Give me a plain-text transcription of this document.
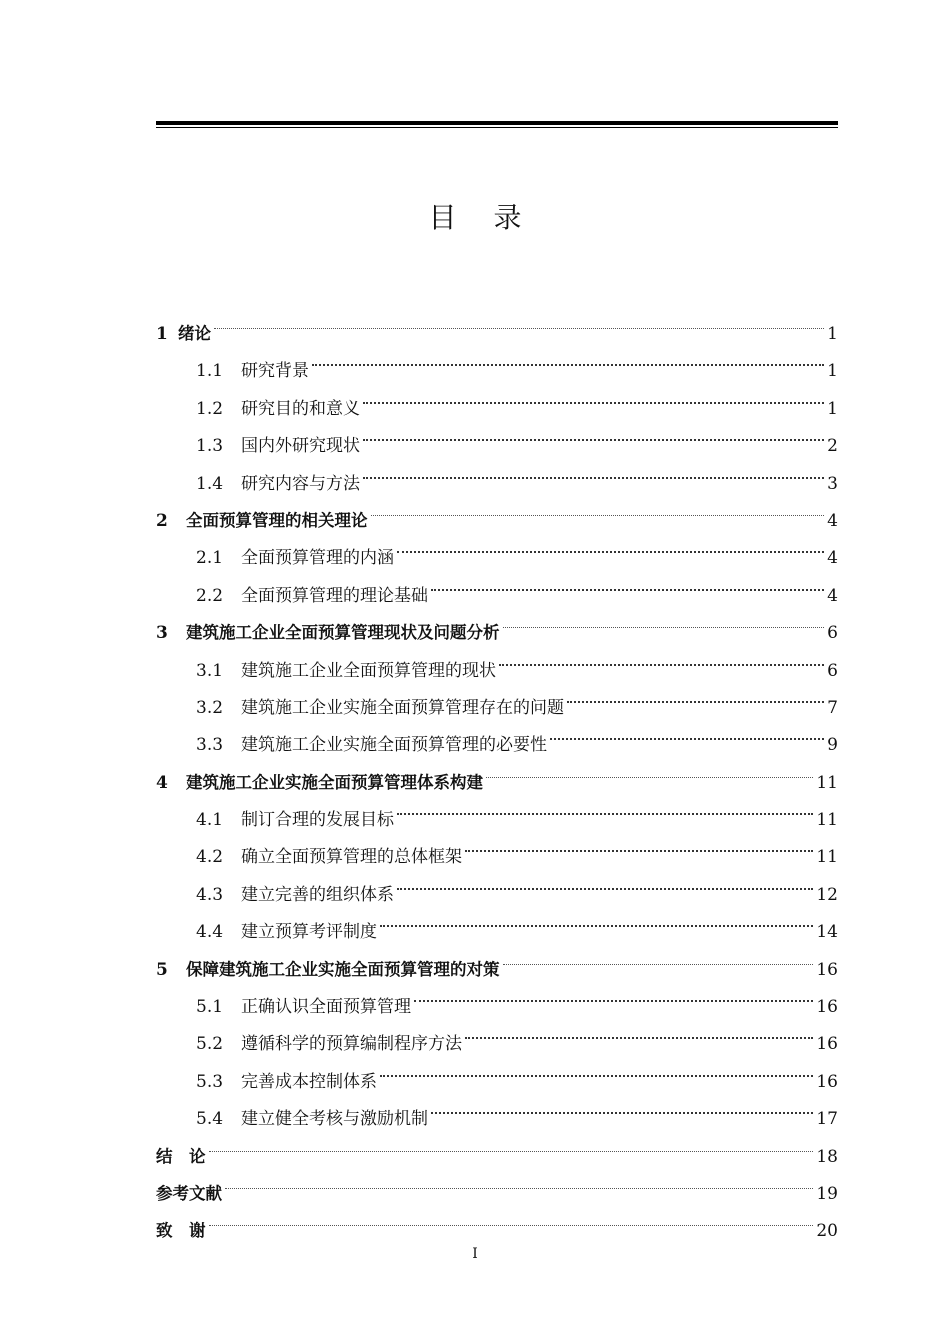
目 录
1 绪论	1
1.1	研究背景	1
1.2	研究目的和意义	1
1.3	国内外研究现状	2
1.4	研究内容与方法	3
2	全面预算管理的相关理论	4
2.1	全面预算管理的内涵	4
2.2	全面预算管理的理论基础	4
3	建筑施工企业全面预算管理现状及问题分析	6
3.1	建筑施工企业全面预算管理的现状	6
3.2	建筑施工企业实施全面预算管理存在的问题	7
3.3	建筑施工企业实施全面预算管理的必要性	9
4	建筑施工企业实施全面预算管理体系构建	11
4.1	制订合理的发展目标	11
4.2	确立全面预算管理的总体框架	11
4.3	建立完善的组织体系	12
4.4	建立预算考评制度	14
5	保障建筑施工企业实施全面预算管理的对策	16
5.1	正确认识全面预算管理	16
5.2	遵循科学的预算编制程序方法	16
5.3	完善成本控制体系	16
5.4	建立健全考核与激励机制	17
结　论	18
参考文献	19
致　谢	20
I
